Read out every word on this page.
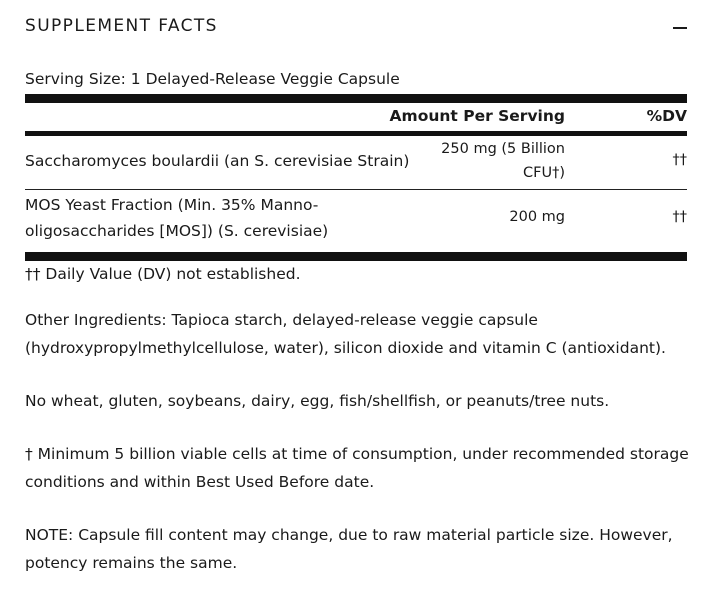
SUPPLEMENT FACTS
Serving Size: 1 Delayed-Release Veggie Capsule
Amount Per Serving	%DV
Saccharomyces boulardii (an S. cerevisiae Strain)
250 mg (5 Billion
CFU†)
††
MOS Yeast Fraction (Min. 35% Manno-
oligosaccharides [MOS]) (S. cerevisiae)
200 mg	††
†† Daily Value (DV) not established.
Other Ingredients: Tapioca starch, delayed-release veggie capsule (hydroxypropylmethylcellulose, water), silicon dioxide and vitamin C (antioxidant).
No wheat, gluten, soybeans, dairy, egg, fish/shellfish, or peanuts/tree nuts.
† Minimum 5 billion viable cells at time of consumption, under recommended storage conditions and within Best Used Before date.
NOTE: Capsule fill content may change, due to raw material particle size. However, potency remains the same.
